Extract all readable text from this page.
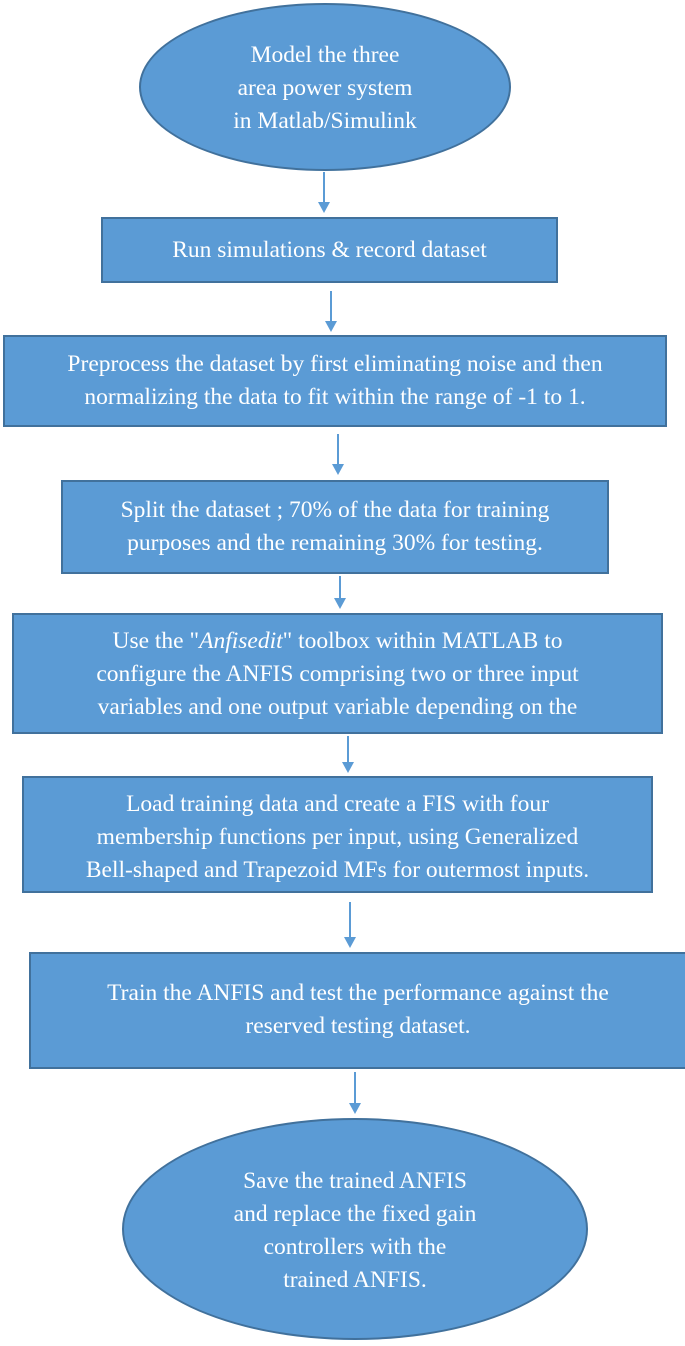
Model the three
area power system
in Matlab/Simulink
Run simulations & record dataset
Preprocess the dataset by first eliminating noise and then
normalizing the data to fit within the range of -1 to 1.
Split the dataset ; 70% of the data for training
purposes and the remaining 30% for testing.
Use the "Anfisedit" toolbox within MATLAB to
configure the ANFIS comprising two or three input
variables and one output variable depending on the
Load training data and create a FIS with four
membership functions per input, using Generalized
Bell-shaped and Trapezoid MFs for outermost inputs.
Train the ANFIS and test the performance against the
reserved testing dataset.
Save the trained ANFIS
and replace the fixed gain
controllers with the
trained ANFIS.
